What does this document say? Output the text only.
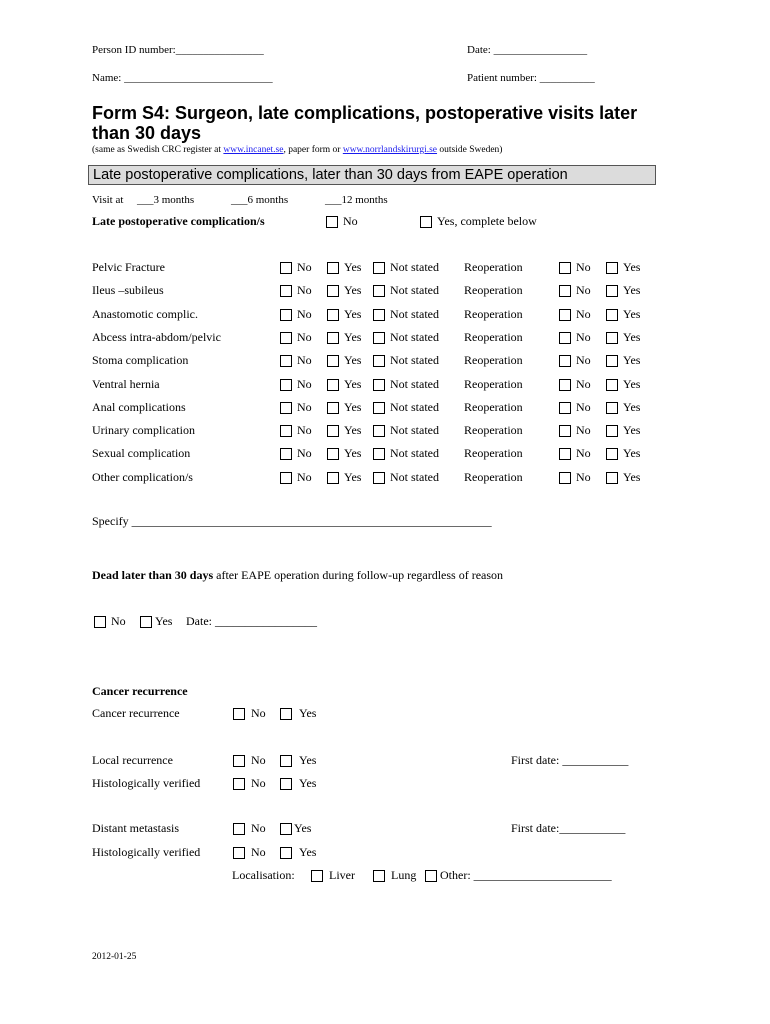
Person ID number:________________	Date: _________________
Name: ___________________________	Patient number: __________
Form S4: Surgeon, late complications, postoperative visits later
than 30 days
(same as Swedish CRC register at www.incanet.se, paper form or www.norrlandskirurgi.se outside Sweden)
Late postoperative complications, later than 30 days from EAPE operation
Visit at ___3 months	___6 months	___12 months
Late postoperative complication/s	No	Yes, complete below
Pelvic Fracture	No	Yes Not stated Reoperation	No	Yes
Ileus –subileus	No	Yes Not stated Reoperation	No	Yes
Anastomotic complic.	No	Yes Not stated Reoperation	No	Yes
Abcess intra-abdom/pelvic	No	Yes Not stated Reoperation	No	Yes
Stoma complication	No	Yes Not stated Reoperation	No	Yes
Ventral hernia	No	Yes Not stated Reoperation	No	Yes
Anal complications	No	Yes Not stated Reoperation	No	Yes
Urinary complication	No	Yes Not stated Reoperation	No	Yes
Sexual complication	No	Yes Not stated Reoperation	No	Yes
Other complication/s	No	Yes Not stated Reoperation	No	Yes
Specify ____________________________________________________________
Dead later than 30 days after EAPE operation during follow-up regardless of reason
No Yes Date: _________________
Cancer recurrence
Cancer recurrence	No	Yes
Local recurrence	No	Yes	First date: ___________
Histologically verified	No	Yes
Distant metastasis	No Yes	First date:___________
Histologically verified	No	Yes
Localisation:	Liver	Lung Other: _______________________
2012-01-25
